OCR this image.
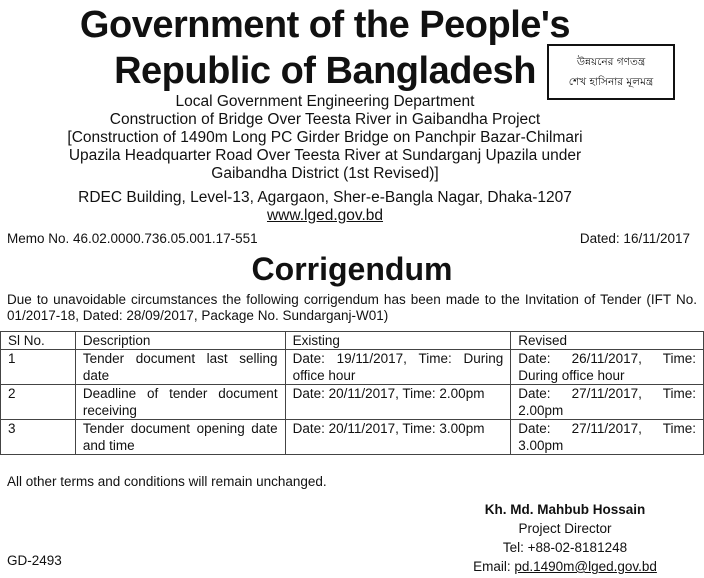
Government of the People's
Republic of Bangladesh	উন্নয়নের গণতন্ত্র
শেখ হাসিনার মূলমন্ত্র
Local Government Engineering Department
Construction of Bridge Over Teesta River in Gaibandha Project
[Construction of 1490m Long PC Girder Bridge on Panchpir Bazar-Chilmari
Upazila Headquarter Road Over Teesta River at Sundarganj Upazila under
Gaibandha District (1st Revised)]
RDEC Building, Level-13, Agargaon, Sher-e-Bangla Nagar, Dhaka-1207
www.lged.gov.bd
Memo No. 46.02.0000.736.05.001.17-551	Dated: 16/11/2017
Corrigendum
Due to unavoidable circumstances the following corrigendum has been made to the Invitation of Tender (IFT No. 01/2017-18, Dated: 28/09/2017, Package No. Sundarganj-W01)
Sl No.	Description	Existing	Revised
1	Tender document last selling date	Date: 19/11/2017, Time: During office hour	Date: 26/11/2017, Time: During office hour
2	Deadline of tender document receiving	Date: 20/11/2017, Time: 2.00pm	Date: 27/11/2017, Time: 2.00pm
3	Tender document opening date and time	Date: 20/11/2017, Time: 3.00pm	Date: 27/11/2017, Time: 3.00pm
All other terms and conditions will remain unchanged.
Kh. Md. Mahbub Hossain
Project Director
Tel: +88-02-8181248
Email: pd.1490m@lged.gov.bd
GD-2493
